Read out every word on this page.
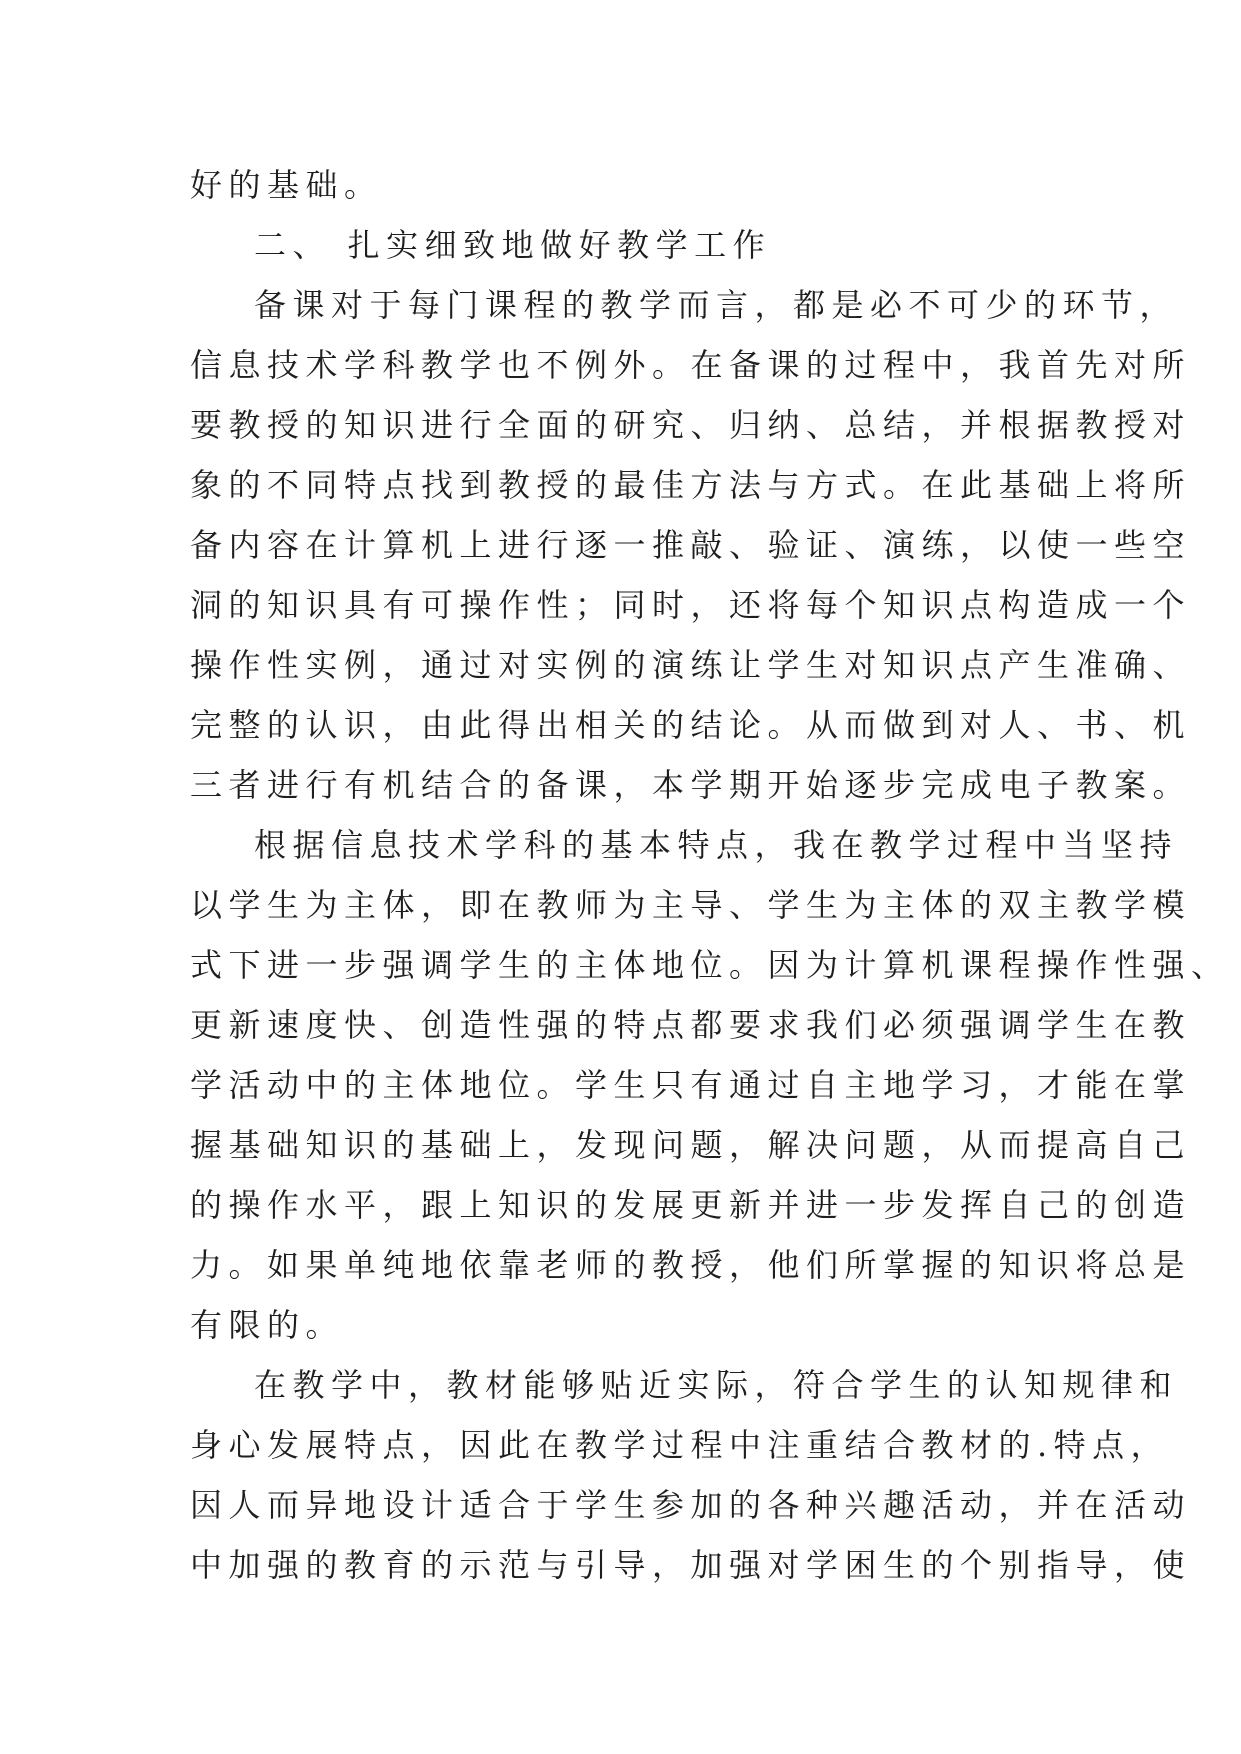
好的基础。
二、 扎实细致地做好教学工作
备课对于每门课程的教学而言，都是必不可少的环节，
信息技术学科教学也不例外。在备课的过程中，我首先对所
要教授的知识进行全面的研究、归纳、总结，并根据教授对
象的不同特点找到教授的最佳方法与方式。在此基础上将所
备内容在计算机上进行逐一推敲、验证、演练，以使一些空
洞的知识具有可操作性；同时，还将每个知识点构造成一个
操作性实例，通过对实例的演练让学生对知识点产生准确、
完整的认识，由此得出相关的结论。从而做到对人、书、机
三者进行有机结合的备课，本学期开始逐步完成电子教案。
根据信息技术学科的基本特点，我在教学过程中当坚持
以学生为主体，即在教师为主导、学生为主体的双主教学模
式下进一步强调学生的主体地位。因为计算机课程操作性强、
更新速度快、创造性强的特点都要求我们必须强调学生在教
学活动中的主体地位。学生只有通过自主地学习，才能在掌
握基础知识的基础上，发现问题，解决问题，从而提高自己
的操作水平，跟上知识的发展更新并进一步发挥自己的创造
力。如果单纯地依靠老师的教授，他们所掌握的知识将总是
有限的。
在教学中，教材能够贴近实际，符合学生的认知规律和
身心发展特点，因此在教学过程中注重结合教材的.特点，
因人而异地设计适合于学生参加的各种兴趣活动，并在活动
中加强的教育的示范与引导，加强对学困生的个别指导，使
